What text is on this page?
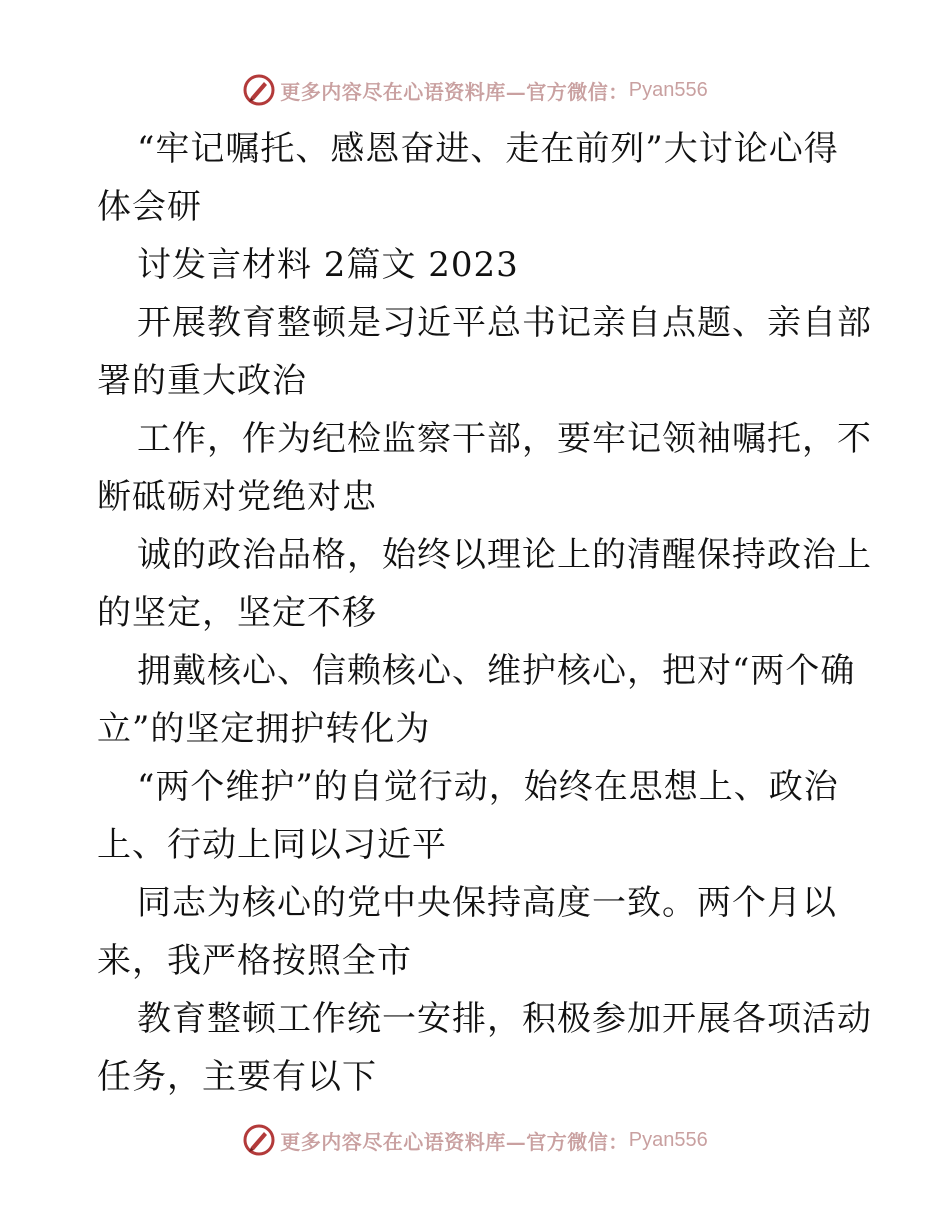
更多内容尽在心语资料库—官方微信： Pyan556
“牢记嘱托、感恩奋进、走在前列”大讨论心得
体会研
讨发言材料 2篇文 2023
开展教育整顿是习近平总书记亲自点题、亲自部
署的重大政治
工作，作为纪检监察干部，要牢记领袖嘱托，不
断砥砺对党绝对忠
诚的政治品格，始终以理论上的清醒保持政治上
的坚定，坚定不移
拥戴核心、信赖核心、维护核心，把对“两个确
立”的坚定拥护转化为
“两个维护”的自觉行动，始终在思想上、政治
上、行动上同以习近平
同志为核心的党中央保持高度一致。两个月以
来，我严格按照全市
教育整顿工作统一安排，积极参加开展各项活动
任务，主要有以下
更多内容尽在心语资料库—官方微信： Pyan556
